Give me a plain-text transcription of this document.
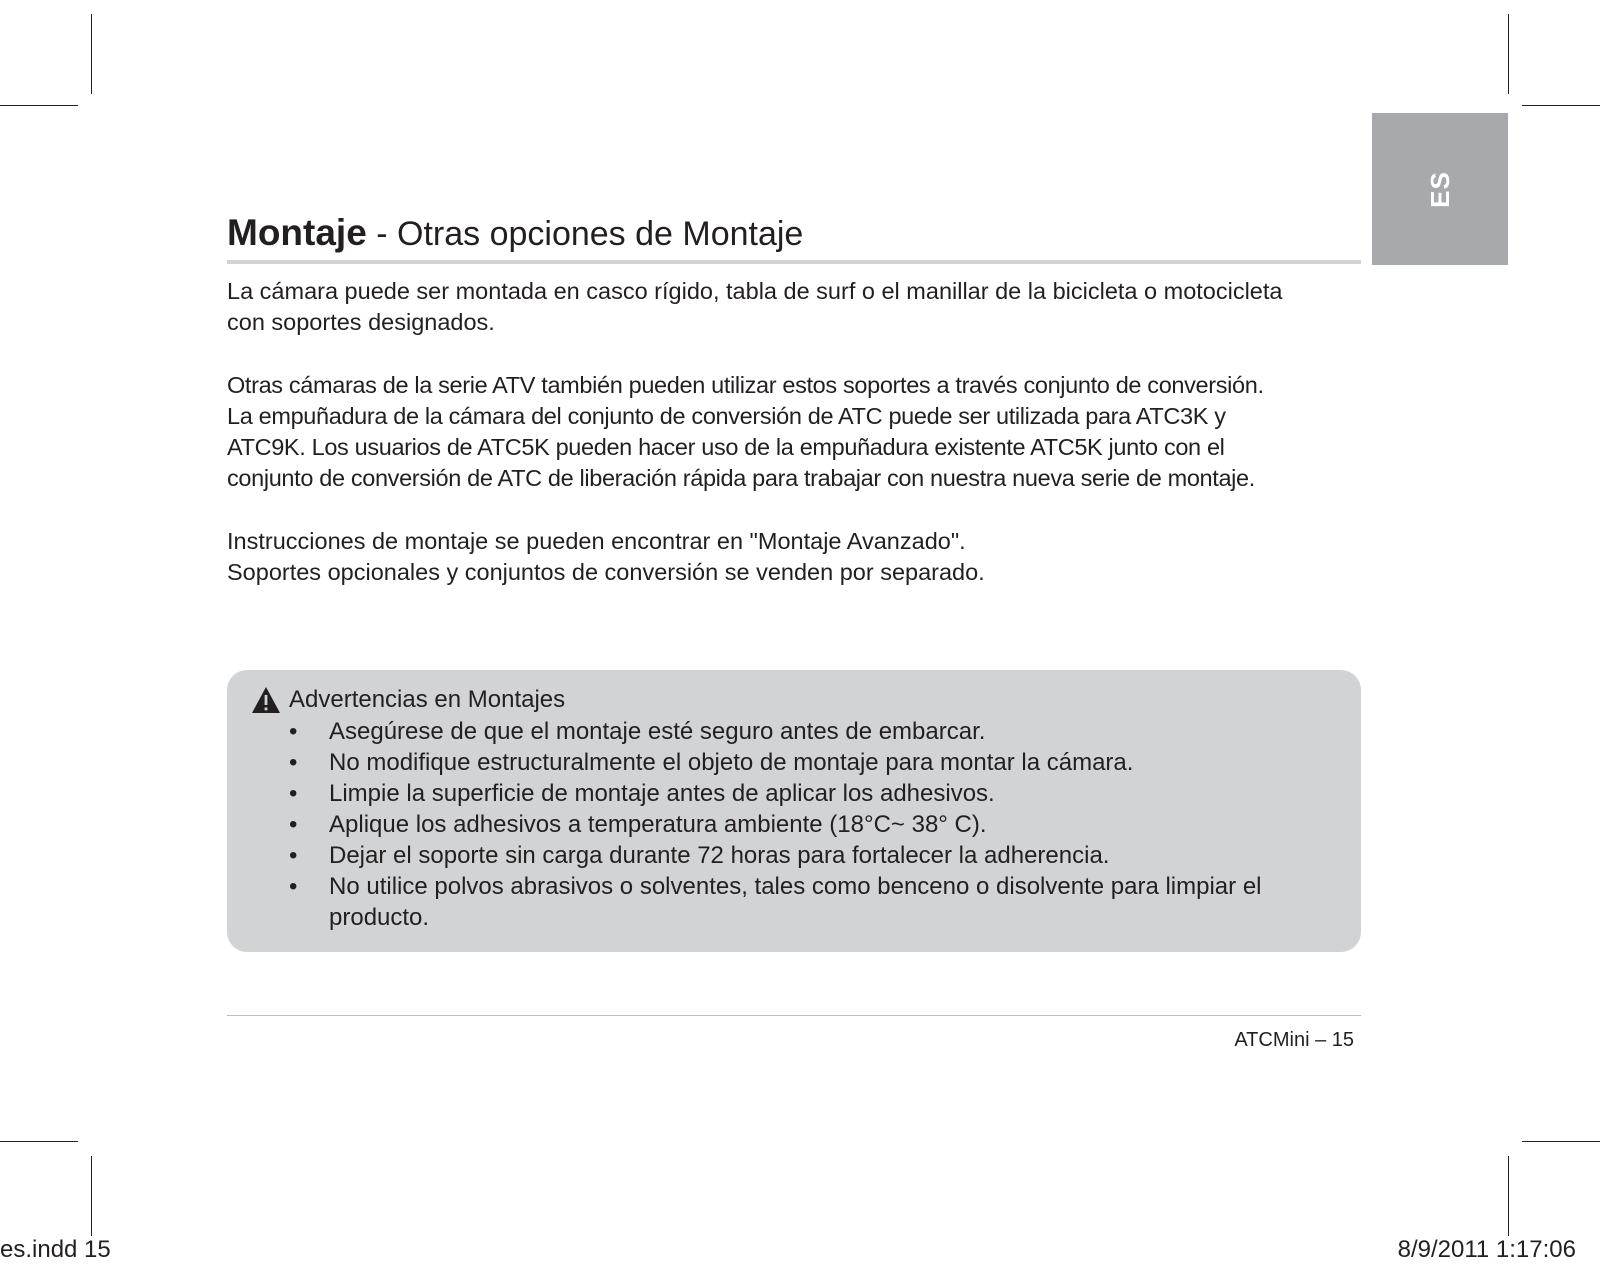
ES
Montaje - Otras opciones de Montaje

La cámara puede ser montada en casco rígido, tabla de surf o el manillar de la bicicleta o motocicleta

con soportes designados.

Otras cámaras de la serie ATV también pueden utilizar estos soportes a través conjunto de conversión.

La empuñadura de la cámara del conjunto de conversión de ATC puede ser utilizada para ATC3K y

ATC9K. Los usuarios de ATC5K pueden hacer uso de la empuñadura existente ATC5K junto con el

conjunto de conversión de ATC de liberación rápida para trabajar con nuestra nueva serie de montaje.

Instrucciones de montaje se pueden encontrar en "Montaje Avanzado".

Soportes opcionales y conjuntos de conversión se venden por separado.

Advertencias en Montajes
• Asegúrese de que el montaje esté seguro antes de embarcar.
• No modifique estructuralmente el objeto de montaje para montar la cámara.
• Limpie la superficie de montaje antes de aplicar los adhesivos.
• Aplique los adhesivos a temperatura ambiente (18°C~ 38° C).
• Dejar el soporte sin carga durante 72 horas para fortalecer la adherencia.
• No utilice polvos abrasivos o solventes, tales como benceno o disolvente para limpiar el producto.
ATCMini – 15
es.indd 15	8/9/2011 1:17:06
